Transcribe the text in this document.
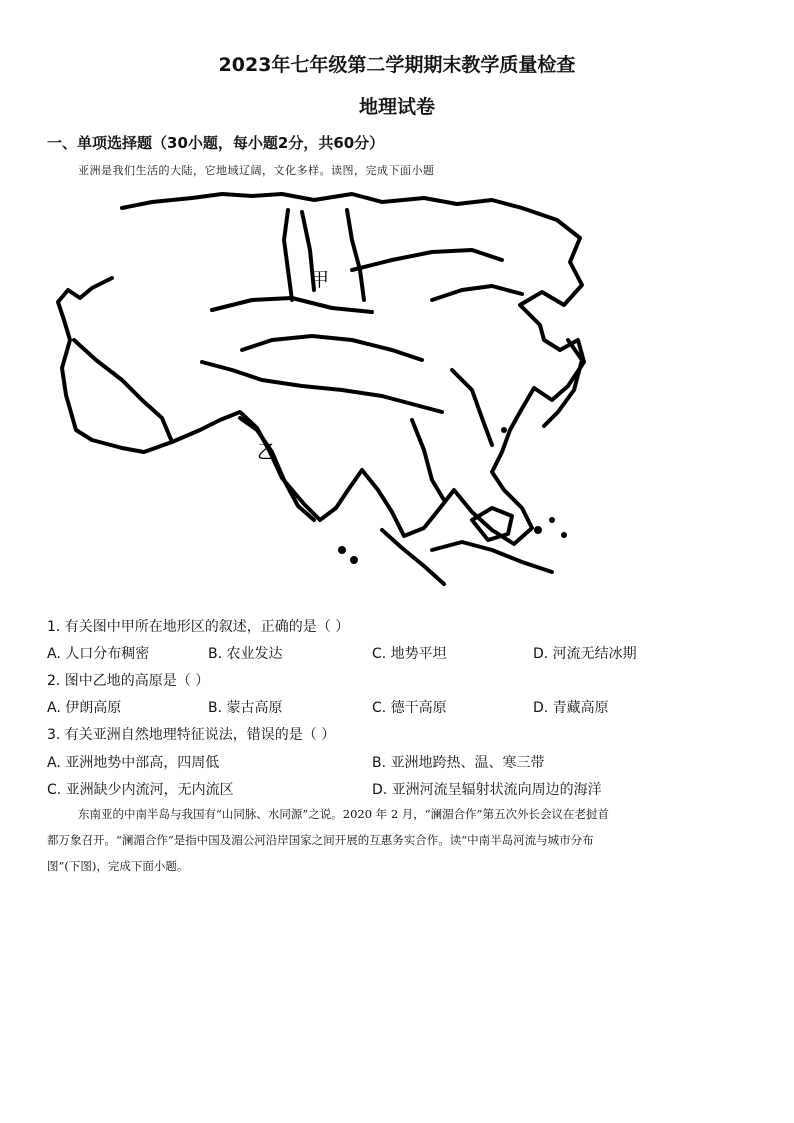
2023年七年级第二学期期末教学质量检查
地理试卷
一、单项选择题（30小题，每小题2分，共60分）
亚洲是我们生活的大陆，它地域辽阔，文化多样。读图，完成下面小题
甲
乙
1. 有关图中甲所在地形区的叙述，正确的是（ ）
A. 人口分布稠密	B. 农业发达	C. 地势平坦	D. 河流无结冰期
2. 图中乙地的高原是（ ）
A. 伊朗高原	B. 蒙古高原	C. 德干高原	D. 青藏高原
3. 有关亚洲自然地理特征说法，错误的是（ ）
A. 亚洲地势中部高，四周低	B. 亚洲地跨热、温、寒三带
C. 亚洲缺少内流河，无内流区	D. 亚洲河流呈辐射状流向周边的海洋

东南亚的中南半岛与我国有“山同脉、水同源”之说。2020 年 2 月，“澜湄合作”第五次外长会议在老挝首

都万象召开。“澜湄合作”是指中国及湄公河沿岸国家之间开展的互惠务实合作。读“中南半岛河流与城市分布

图”(下图)，完成下面小题。
